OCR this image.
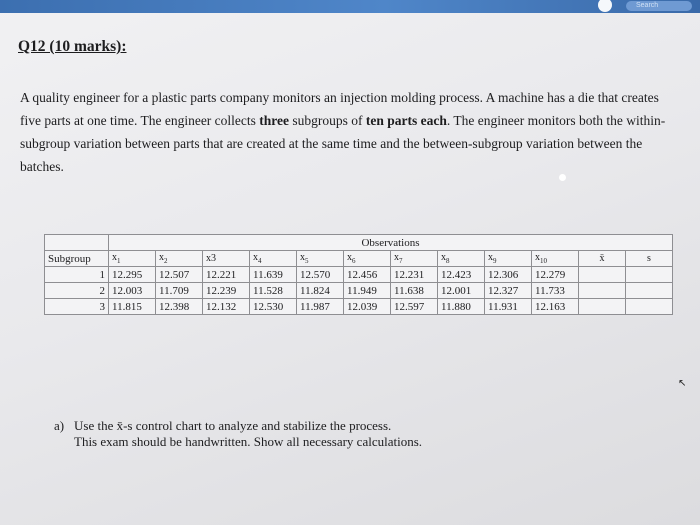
Search
Q12 (10 marks):

A quality engineer for a plastic parts company monitors an injection molding process. A machine has a die that creates five parts at one time. The engineer collects three subgroups of ten parts each. The engineer monitors both the within-subgroup variation between parts that are created at the same time and the between-subgroup variation between the batches.

	Observations											
Subgroup	$x_1$	$x_2$	x3	$x_4$	$x_5$	$x_6$	$x_7$	$x_8$	$x_9$	$x_{10}$	x̄	s
1	12.295	12.507	12.221	11.639	12.570	12.456	12.231	12.423	12.306	12.279		
2	12.003	11.709	12.239	11.528	11.824	11.949	11.638	12.001	12.327	11.733		
3	11.815	12.398	12.132	12.530	11.987	12.039	12.597	11.880	11.931	12.163		
↖
a) Use the x̄-s control chart to analyze and stabilize the process.
This exam should be handwritten. Show all necessary calculations.
